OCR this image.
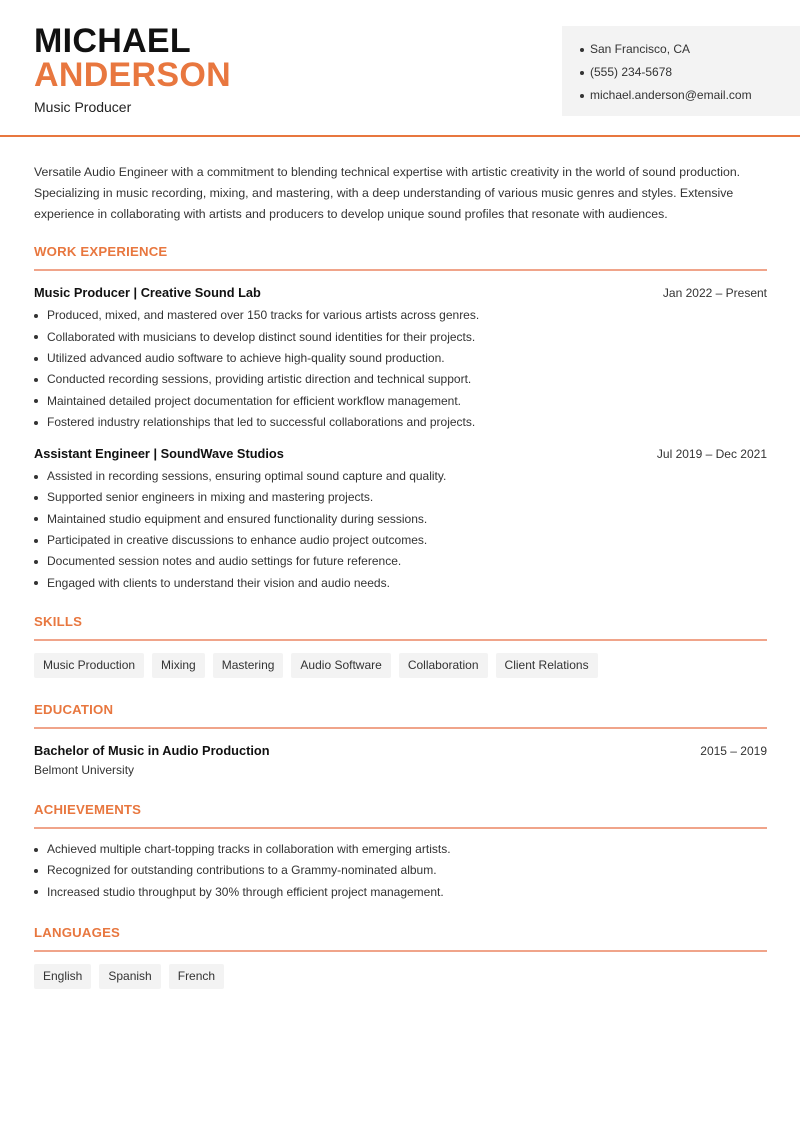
MICHAEL
ANDERSON
Music Producer
San Francisco, CA
(555) 234-5678
michael.anderson@email.com

Versatile Audio Engineer with a commitment to blending technical expertise with artistic creativity in the world of sound production. Specializing in music recording, mixing, and mastering, with a deep understanding of various music genres and styles. Extensive experience in collaborating with artists and producers to develop unique sound profiles that resonate with audiences.

WORK EXPERIENCE
Music Producer | Creative Sound Lab	Jan 2022 – Present
Produced, mixed, and mastered over 150 tracks for various artists across genres.
Collaborated with musicians to develop distinct sound identities for their projects.
Utilized advanced audio software to achieve high-quality sound production.
Conducted recording sessions, providing artistic direction and technical support.
Maintained detailed project documentation for efficient workflow management.
Fostered industry relationships that led to successful collaborations and projects.
Assistant Engineer | SoundWave Studios	Jul 2019 – Dec 2021
Assisted in recording sessions, ensuring optimal sound capture and quality.
Supported senior engineers in mixing and mastering projects.
Maintained studio equipment and ensured functionality during sessions.
Participated in creative discussions to enhance audio project outcomes.
Documented session notes and audio settings for future reference.
Engaged with clients to understand their vision and audio needs.
SKILLS
Music Production	Mixing	Mastering	Audio Software	Collaboration	Client Relations
EDUCATION
Bachelor of Music in Audio Production	2015 – 2019
Belmont University
ACHIEVEMENTS
Achieved multiple chart-topping tracks in collaboration with emerging artists.
Recognized for outstanding contributions to a Grammy-nominated album.
Increased studio throughput by 30% through efficient project management.
LANGUAGES
English	Spanish	French
